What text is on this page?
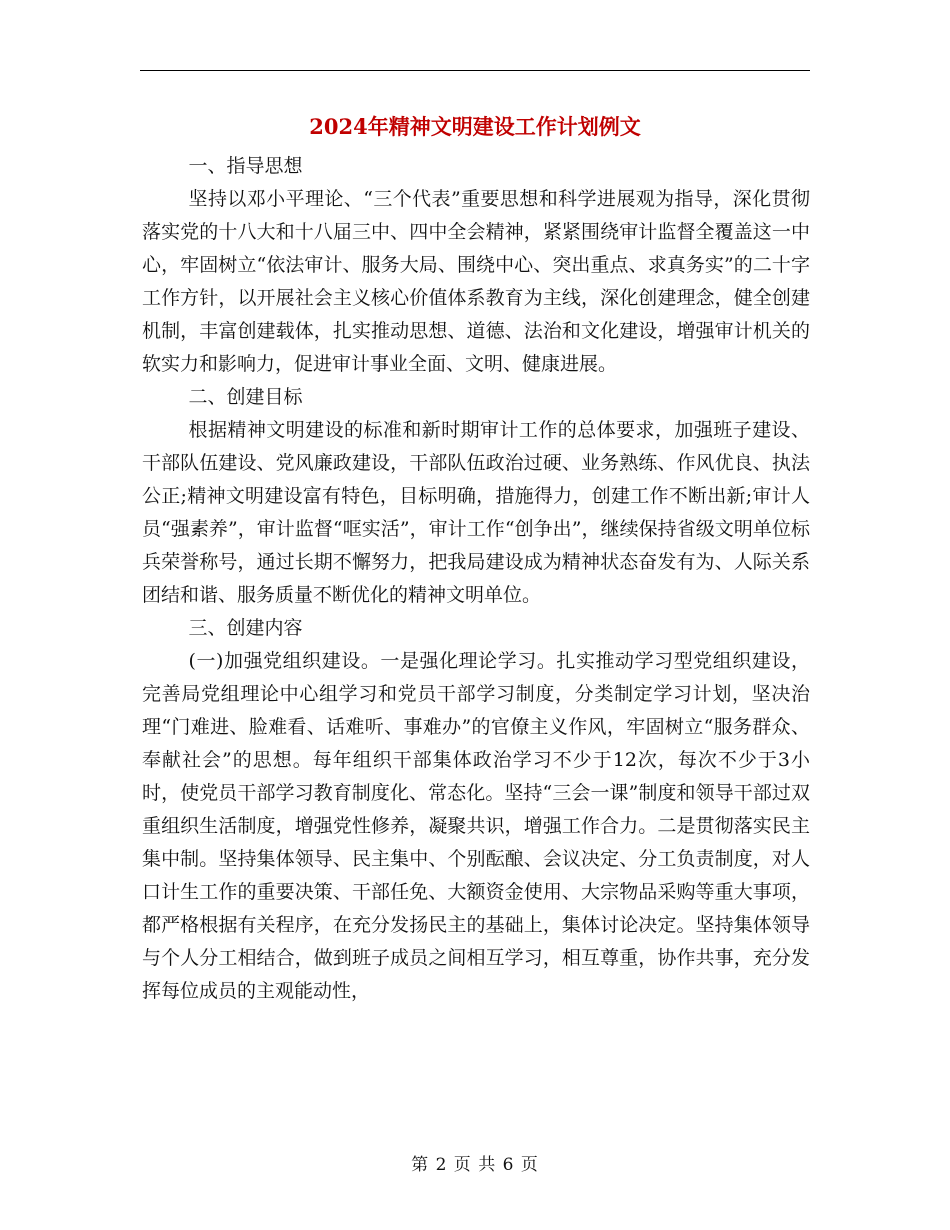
2024年精神文明建设工作计划例文

一、指导思想

坚持以邓小平理论、“三个代表”重要思想和科学进展观为指导，深化贯彻落实党的十八大和十八届三中、四中全会精神，紧紧围绕审计监督全覆盖这一中心，牢固树立“依法审计、服务大局、围绕中心、突出重点、求真务实”的二十字工作方针，以开展社会主义核心价值体系教育为主线，深化创建理念，健全创建机制，丰富创建载体，扎实推动思想、道德、法治和文化建设，增强审计机关的软实力和影响力，促进审计事业全面、文明、健康进展。

二、创建目标

根据精神文明建设的标准和新时期审计工作的总体要求，加强班子建设、干部队伍建设、党风廉政建设，干部队伍政治过硬、业务熟练、作风优良、执法公正;精神文明建设富有特色，目标明确，措施得力，创建工作不断出新;审计人员“强素养”，审计监督“哐实活”，审计工作“创争出”，继续保持省级文明单位标兵荣誉称号，通过长期不懈努力，把我局建设成为精神状态奋发有为、人际关系团结和谐、服务质量不断优化的精神文明单位。

三、创建内容

(一)加强党组织建设。一是强化理论学习。扎实推动学习型党组织建设，完善局党组理论中心组学习和党员干部学习制度，分类制定学习计划，坚决治理“门难进、脸难看、话难听、事难办”的官僚主义作风，牢固树立“服务群众、奉献社会”的思想。每年组织干部集体政治学习不少于12次，每次不少于3小时，使党员干部学习教育制度化、常态化。坚持“三会一课”制度和领导干部过双重组织生活制度，增强党性修养，凝聚共识，增强工作合力。二是贯彻落实民主集中制。坚持集体领导、民主集中、个别酝酿、会议决定、分工负责制度，对人口计生工作的重要决策、干部任免、大额资金使用、大宗物品采购等重大事项，都严格根据有关程序，在充分发扬民主的基础上，集体讨论决定。坚持集体领导与个人分工相结合，做到班子成员之间相互学习，相互尊重，协作共事，充分发挥每位成员的主观能动性，

第 2 页 共 6 页
